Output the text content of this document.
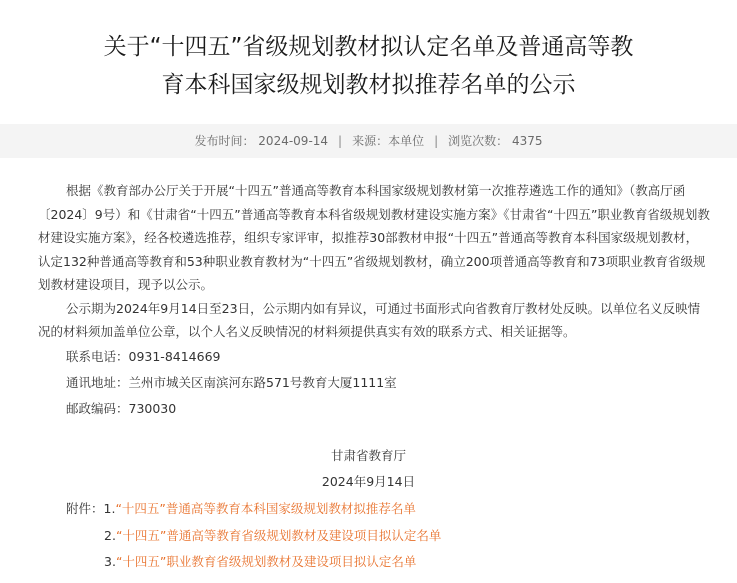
关于“十四五”省级规划教材拟认定名单及普通高等教
育本科国家级规划教材拟推荐名单的公示
发布时间： 2024-09-14 | 来源：本单位 | 浏览次数： 4375

根据《教育部办公厅关于开展“十四五”普通高等教育本科国家级规划教材第一次推荐遴选工作的通知》（教高厅函〔2024〕9号）和《甘肃省“十四五”普通高等教育本科省级规划教材建设实施方案》《甘肃省“十四五”职业教育省级规划教材建设实施方案》，经各校遴选推荐，组织专家评审，拟推荐30部教材申报“十四五”普通高等教育本科国家级规划教材，认定132种普通高等教育和53种职业教育教材为“十四五”省级规划教材，确立200项普通高等教育和73项职业教育省级规划教材建设项目，现予以公示。

公示期为2024年9月14日至23日，公示期内如有异议，可通过书面形式向省教育厅教材处反映。以单位名义反映情况的材料须加盖单位公章，以个人名义反映情况的材料须提供真实有效的联系方式、相关证据等。

联系电话：0931-8414669

通讯地址：兰州市城关区南滨河东路571号教育大厦1111室

邮政编码：730030

甘肃省教育厅
2024年9月14日
附件：1.“十四五”普通高等教育本科国家级规划教材拟推荐名单
2.“十四五”普通高等教育省级规划教材及建设项目拟认定名单
3.“十四五”职业教育省级规划教材及建设项目拟认定名单
